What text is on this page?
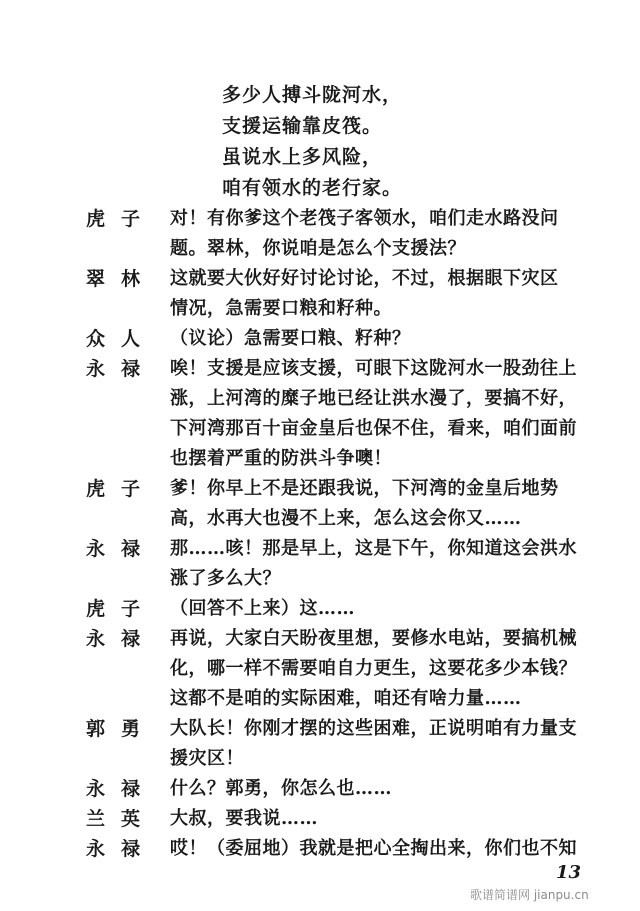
多少人搏斗陇河水，
支援运输靠皮筏。
虽说水上多风险，
咱有领水的老行家。
虎子 对！有你爹这个老筏子客领水，咱们走水路没问
题。翠林，你说咱是怎么个支援法？
翠林 这就要大伙好好讨论讨论，不过，根据眼下灾区
情况，急需要口粮和籽种。
众人 （议论）急需要口粮、籽种？
永禄 唉！支援是应该支援，可眼下这陇河水一股劲往上
涨，上河湾的糜子地已经让洪水漫了，要搞不好，
下河湾那百十亩金皇后也保不住，看来，咱们面前
也摆着严重的防洪斗争噢！
虎子 爹！你早上不是还跟我说，下河湾的金皇后地势
高，水再大也漫不上来，怎么这会你又……
永禄 那……咳！那是早上，这是下午，你知道这会洪水
涨了多么大？
虎子 （回答不上来）这……
永禄 再说，大家白天盼夜里想，要修水电站，要搞机械
化，哪一样不需要咱自力更生，这要花多少本钱？
这都不是咱的实际困难，咱还有啥力量……
郭勇 大队长！你刚才摆的这些困难，正说明咱有力量支
援灾区！
永禄 什么？郭勇，你怎么也……
兰英 大叔，要我说……
永禄 哎！（委屈地）我就是把心全掏出来，你们也不知
13
歌谱简谱网 jianpu.cn
